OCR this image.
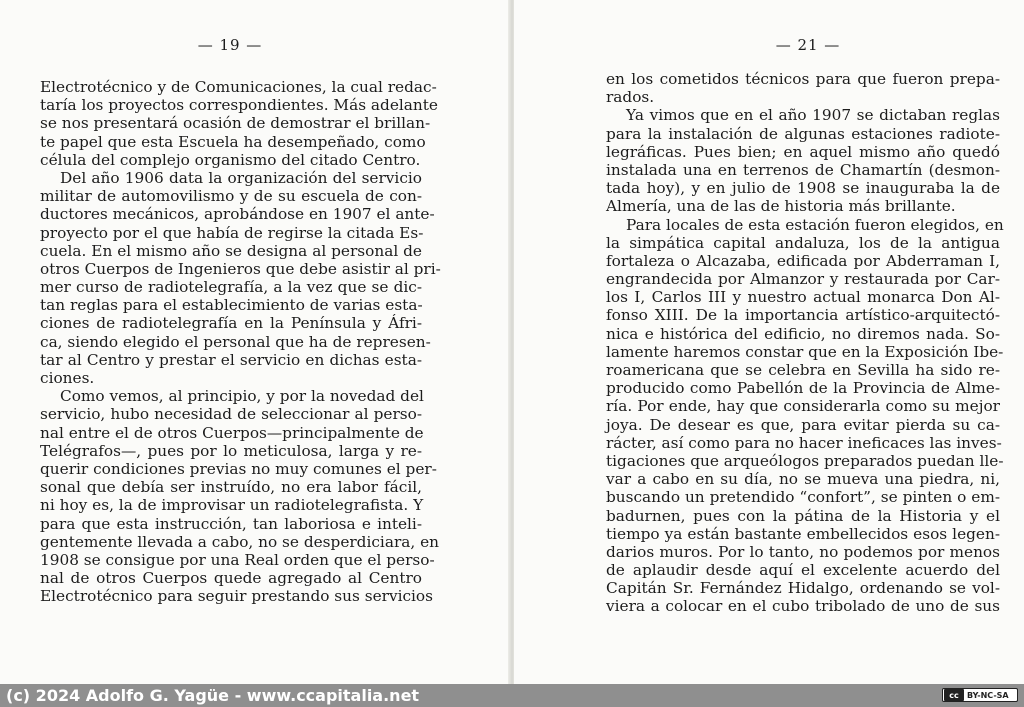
— 19 —
Electrotécnico y de Comunicaciones, la cual redac-
taría los proyectos correspondientes. Más adelante
se nos presentará ocasión de demostrar el brillan-
te papel que esta Escuela ha desempeñado, como
célula del complejo organismo del citado Centro.
Del año 1906 data la organización del servicio
militar de automovilismo y de su escuela de con-
ductores mecánicos, aprobándose en 1907 el ante-
proyecto por el que había de regirse la citada Es-
cuela. En el mismo año se designa al personal de
otros Cuerpos de Ingenieros que debe asistir al pri-
mer curso de radiotelegrafía, a la vez que se dic-
tan reglas para el establecimiento de varias esta-
ciones de radiotelegrafía en la Península y Áfri-
ca, siendo elegido el personal que ha de represen-
tar al Centro y prestar el servicio en dichas esta-
ciones.
Como vemos, al principio, y por la novedad del
servicio, hubo necesidad de seleccionar al perso-
nal entre el de otros Cuerpos—principalmente de
Telégrafos—, pues por lo meticulosa, larga y re-
querir condiciones previas no muy comunes el per-
sonal que debía ser instruído, no era labor fácil,
ni hoy es, la de improvisar un radiotelegrafista. Y
para que esta instrucción, tan laboriosa e inteli-
gentemente llevada a cabo, no se desperdiciara, en
1908 se consigue por una Real orden que el perso-
nal de otros Cuerpos quede agregado al Centro
Electrotécnico para seguir prestando sus servicios
— 21 —
en los cometidos técnicos para que fueron prepa-
rados.
Ya vimos que en el año 1907 se dictaban reglas
para la instalación de algunas estaciones radiote-
legráficas. Pues bien; en aquel mismo año quedó
instalada una en terrenos de Chamartín (desmon-
tada hoy), y en julio de 1908 se inauguraba la de
Almería, una de las de historia más brillante.
Para locales de esta estación fueron elegidos, en
la simpática capital andaluza, los de la antigua
fortaleza o Alcazaba, edificada por Abderraman I,
engrandecida por Almanzor y restaurada por Car-
los I, Carlos III y nuestro actual monarca Don Al-
fonso XIII. De la importancia artístico-arquitectó-
nica e histórica del edificio, no diremos nada. So-
lamente haremos constar que en la Exposición Ibe-
roamericana que se celebra en Sevilla ha sido re-
producido como Pabellón de la Provincia de Alme-
ría. Por ende, hay que considerarla como su mejor
joya. De desear es que, para evitar pierda su ca-
rácter, así como para no hacer ineficaces las inves-
tigaciones que arqueólogos preparados puedan lle-
var a cabo en su día, no se mueva una piedra, ni,
buscando un pretendido “confort”, se pinten o em-
badurnen, pues con la pátina de la Historia y el
tiempo ya están bastante embellecidos esos legen-
darios muros. Por lo tanto, no podemos por menos
de aplaudir desde aquí el excelente acuerdo del
Capitán Sr. Fernández Hidalgo, ordenando se vol-
viera a colocar en el cubo tribolado de uno de sus
(c) 2024 Adolfo G. Yagüe - www.ccapitalia.net	cc	BY-NC-SA
